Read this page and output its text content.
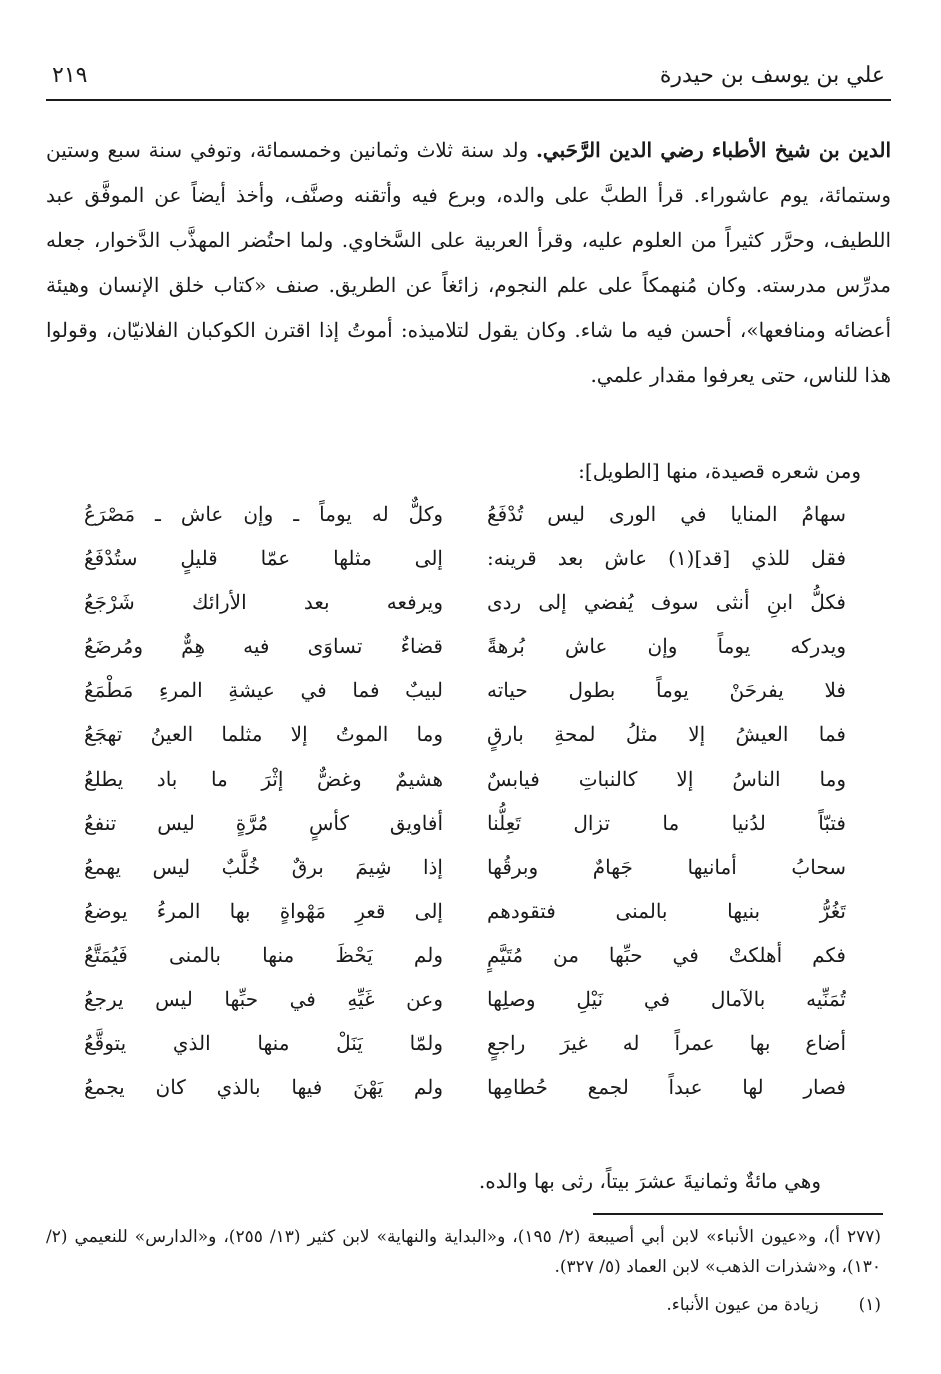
علي بن يوسف بن حيدرة
٢١٩
الدين بن شيخ الأطباء رضي الدين الرَّحَبي. ولد سنة ثلاث وثمانين وخمسمائة، وتوفي سنة سبع وستين وستمائة، يوم عاشوراء. قرأ الطبَّ على والده، وبرع فيه وأتقنه وصنَّف، وأخذ أيضاً عن الموفَّق عبد اللطيف، وحرَّر كثيراً من العلوم عليه، وقرأ العربية على السَّخاوي. ولما احتُضر المهذَّب الدَّخوار، جعله مدرِّس مدرسته. وكان مُنهمكاً على علم النجوم، زائغاً عن الطريق. صنف «كتاب خلق الإنسان وهيئة أعضائه ومنافعها»، أحسن فيه ما شاء. وكان يقول لتلاميذه: أموتُ إذا اقترن الكوكبان الفلانيّان، وقولوا هذا للناس، حتى يعرفوا مقدار علمي.
ومن شعره قصيدة، منها [الطويل]:
سهامُ المنايا في الورى ليس تُدْفَعُ
وكلٌّ له يوماً ـ وإن عاش ـ مَصْرَعُ
فقل للذي [قد](١) عاش بعد قرينه:
إلى مثلها عمّا قليلٍ ستُدْفَعُ
فكلُّ ابنِ أنثى سوف يُفضي إلى ردى
ويرفعه بعد الأرائك شَرْجَعُ
ويدركه يوماً وإن عاش بُرهةً
قضاءٌ تساوَى فيه هِمٌّ ومُرضَعُ
فلا يفرحَنْ يوماً بطول حياته
لبيبٌ فما في عيشةِ المرءِ مَطْمَعُ
فما العيشُ إلا مثلُ لمحةِ بارقٍ
وما الموتُ إلا مثلما العينُ تهجَعُ
وما الناسُ إلا كالنباتِ فيابسٌ
هشيمٌ وغضٌّ إثْرَ ما باد يطلعُ
فتبّاً لدُنيا ما تزال تَعِلُّنا
أفاويق كأسٍ مُرَّةٍ ليس تنفعُ
سحابُ أمانيها جَهامٌ وبرقُها
إذا شِيمَ برقٌ خُلَّبٌ ليس يهمعُ
تَغُرُّ بنيها بالمنى فتقودهم
إلى قعرِ مَهْواةٍ بها المرءُ يوضعُ
فكم أهلكتْ في حبِّها من مُتَيَّمٍ
ولم يَحْظَ منها بالمنى فَيُمَتَّعُ
تُمَنِّيه بالآمال في نَيْلِ وصلِها
وعن غَيِّهِ في حبِّها ليس يرجعُ
أضاع بها عمراً له غيرَ راجعٍ
ولمّا يَنَلْ منها الذي يتوقَّعُ
فصار لها عبداً لجمع حُطامِها
ولم يَهْنَ فيها بالذي كان يجمعُ
وهي مائةٌ وثمانيةَ عشرَ بيتاً، رثى بها والده.
(٢٧٧ أ)، و«عيون الأنباء» لابن أبي أصيبعة (٢/ ١٩٥)، و«البداية والنهاية» لابن كثير (١٣/ ٢٥٥)، و«الدارس» للنعيمي (٢/ ١٣٠)، و«شذرات الذهب» لابن العماد (٥/ ٣٢٧).
(١)
زيادة من عيون الأنباء.
